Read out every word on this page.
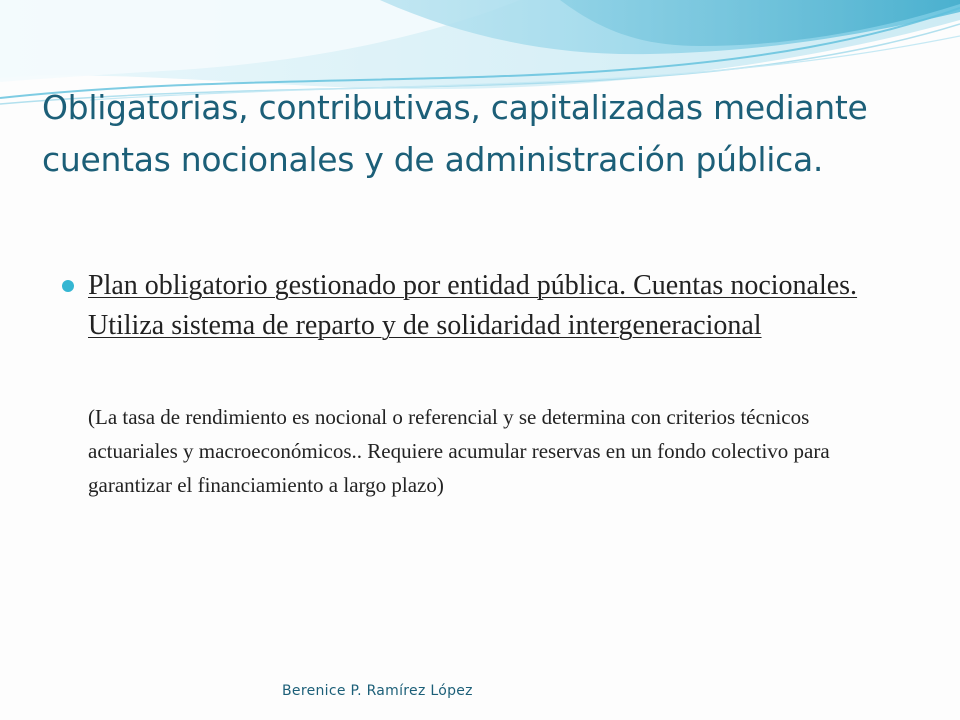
Obligatorias, contributivas, capitalizadas mediante cuentas nocionales y de administración pública.

Plan obligatorio gestionado por entidad pública. Cuentas nocionales. Utiliza sistema de reparto y de solidaridad intergeneracional

(La tasa de rendimiento es nocional o referencial y se determina con criterios técnicos actuariales y macroeconómicos.. Requiere acumular reservas en un fondo colectivo para garantizar el financiamiento a largo plazo)

Berenice P. Ramírez López
